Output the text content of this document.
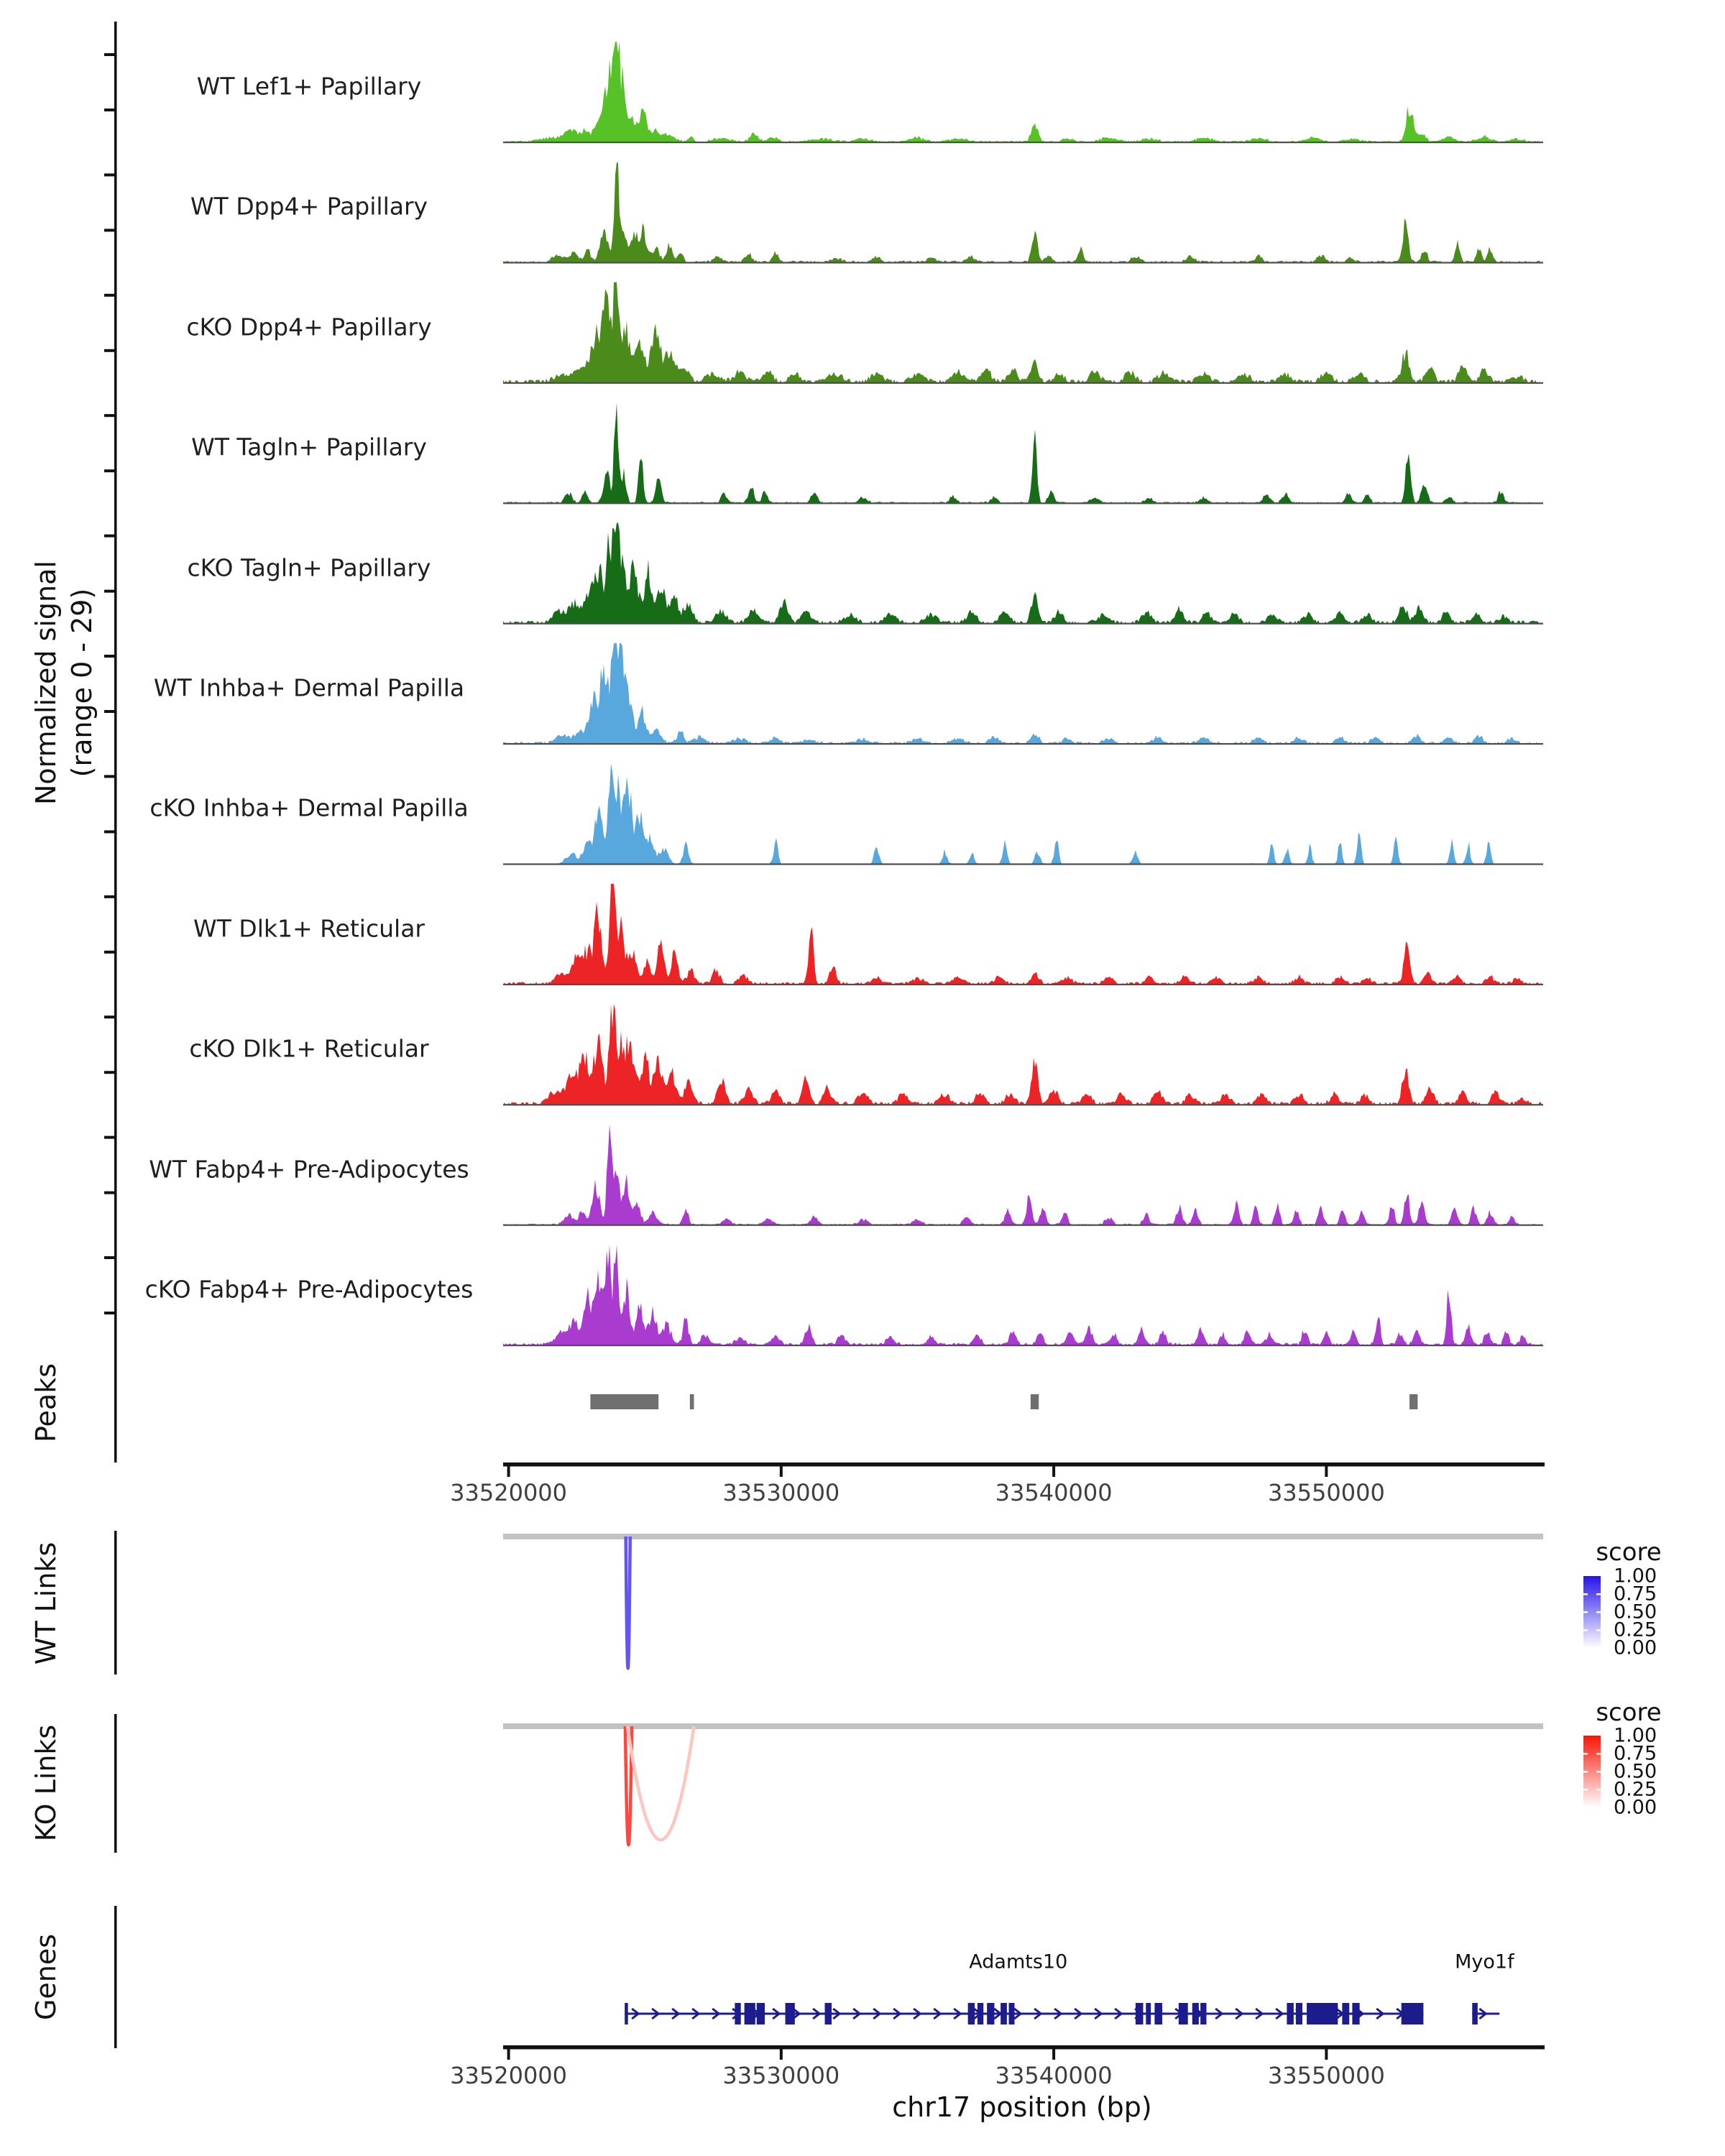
Normalized signal (range 0 - 29)
Peaks
WT Links
KO Links
Genes
score
score
chr17 position (bp)
WT Lef1+ Papillary
WT Dpp4+ Papillary
cKO Dpp4+ Papillary
WT Tagln+ Papillary
cKO Tagln+ Papillary
WT Inhba+ Dermal Papilla
cKO Inhba+ Dermal Papilla
WT Dlk1+ Reticular
cKO Dlk1+ Reticular
WT Fabp4+ Pre-Adipocytes
cKO Fabp4+ Pre-Adipocytes
33520000	33530000	33540000	33550000
33520000	33530000	33540000	33550000
1.00
0.75
0.50
0.25
0.00
1.00
0.75
0.50
0.25
0.00
Adamts10	Myo1f
